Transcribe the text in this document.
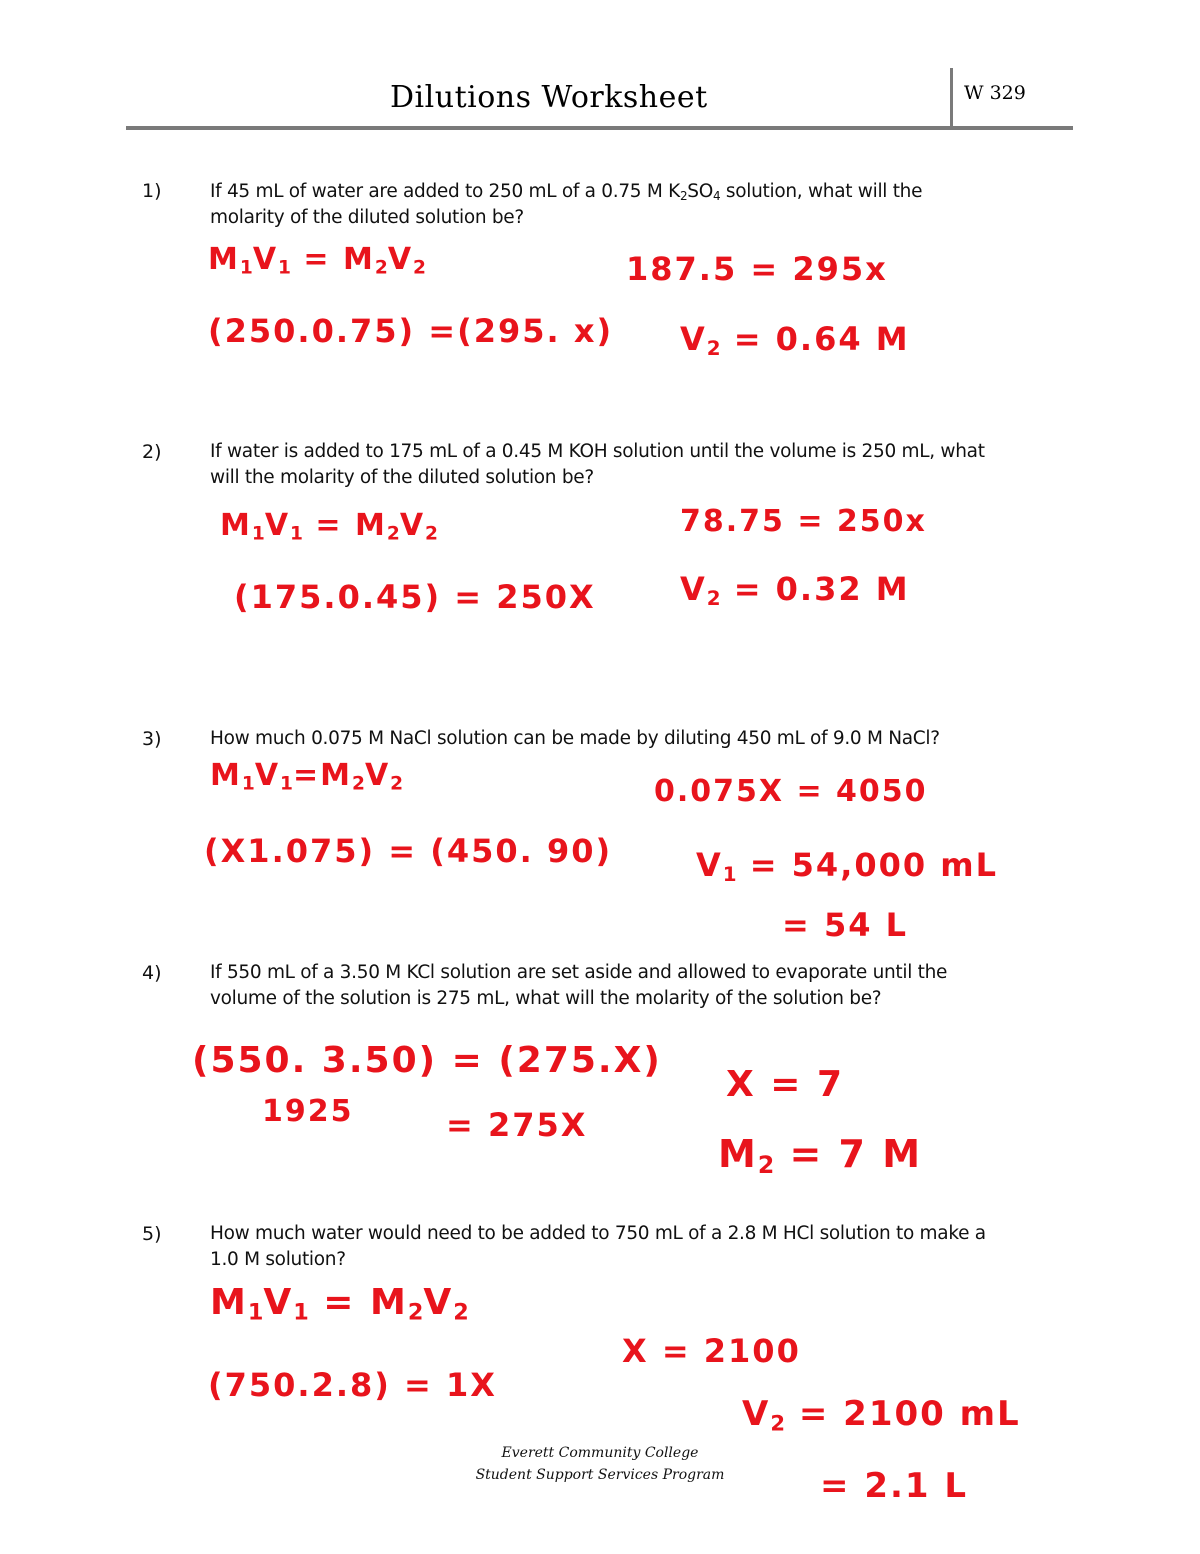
Dilutions Worksheet	W 329
1)	If 45 mL of water are added to 250 mL of a 0.75 M $K_2SO_4$ solution, what will the
molarity of the diluted solution be?
$M_1V_1 = M_2V_2$
(250.0.75) =(295. x)
187.5 = 295x
$V_2 = 0.64$ M
2)	If water is added to 175 mL of a 0.45 M KOH solution until the volume is 250 mL, what
will the molarity of the diluted solution be?
$M_1V_1 = M_2V_2$
(175.0.45) = 250X
78.75 = 250x
$V_2 = 0.32$ M
3)	How much 0.075 M NaCl solution can be made by diluting 450 mL of 9.0 M NaCl?
$M_1V_1=M_2V_2$
(X1.075) = (450. 90)
0.075X = 4050
$V_1 = 54,000$ mL
= 54 L
4)	If 550 mL of a 3.50 M KCl solution are set aside and allowed to evaporate until the
volume of the solution is 275 mL, what will the molarity of the solution be?
(550. 3.50) = (275.X)
1925	= 275X
X = 7
$M_2 = 7$ M
5)	How much water would need to be added to 750 mL of a 2.8 M HCl solution to make a
1.0 M solution?
$M_1V_1 = M_2V_2$
(750.2.8) = 1X
X = 2100
$V_2 = 2100$ mL
= 2.1 L
Everett Community College
Student Support Services Program
